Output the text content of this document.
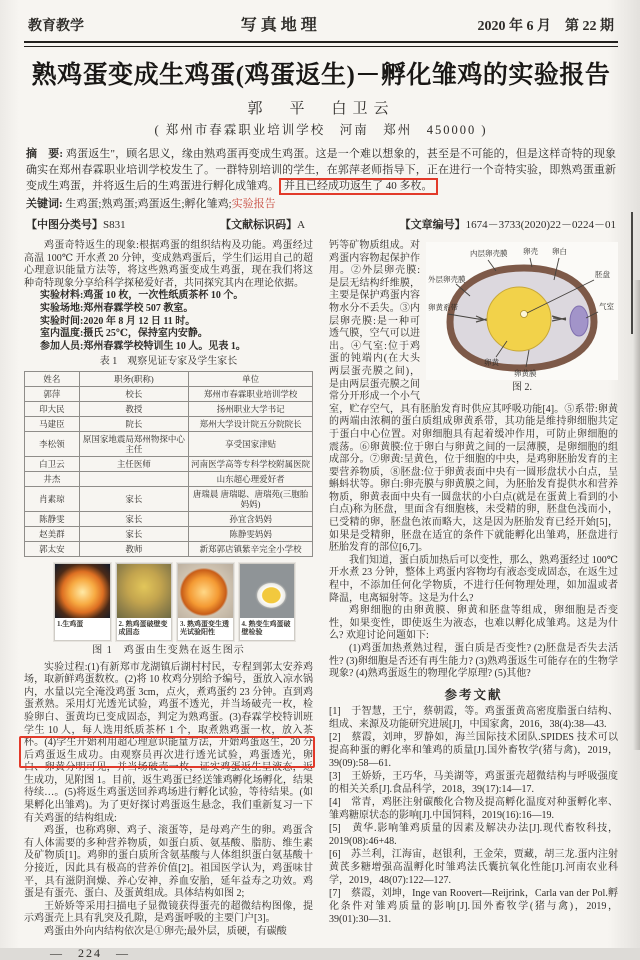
教育教学	写真地理	2020 年 6 月　第 22 期
熟鸡蛋变成生鸡蛋(鸡蛋返生)－孵化雏鸡的实验报告
郭　平　白卫云
( 郑州市春霖职业培训学校　河南　郑州　450000 )
摘　要: 鸡蛋返生"，顾名思义，缘由熟鸡蛋再变成生鸡蛋。这是一个难以想象的，甚至是不可能的，但是这样奇特的现象确实在郑州春霖职业培训学校发生了。一群特别培训的学生，在郭萍老师指导下，正在进行一个奇特实验，即熟鸡蛋重新变成生鸡蛋，并将返生后的生鸡蛋进行孵化成雏鸡。 并且已经成功返生了 40 多枚。
关键词: 生鸡蛋;熟鸡蛋;鸡蛋返生;孵化雏鸡;实验报告
【中图分类号】S831	【文献标识码】A	【文章编号】1674－3733(2020)22－0224－01

鸡蛋奇特返生的现象:根据鸡蛋的组织结构及功能。鸡蛋经过高温 100℃ 开水煮 20 分钟，变成熟鸡蛋后，学生们运用自己的超心理意识能量方法等，将这些熟鸡蛋变成生鸡蛋，现在我们将这种奇特现象分享给科学探秘爱好者，共同探究其内在理论依据。

实验材料:鸡蛋 10 枚，一次性纸质茶杯 10 个。
实验场地:郑州春霖学校 507 教室。
实验时间:2020 年 8 月 12 日 11 时。
室内温度:摄氏 25℃，保持室内安静。
参加人员:郑州春霖学校特训生 10 人。见表 1。
表 1　观察见证专家及学生家长
姓名	职务(职称)	单位
郭萍	校长	郑州市春霖职业培训学校
印大民	教授	扬州职业大学书记
马建臣	院长	郑州大学设计院五分院院长
李松领	原国家地震局郑州物探中心主任	享受国家津贴
白卫云	主任医师	河南医学高等专科学校附属医院
井杰		山东超心理爱好者
肖素琼	家长	唐瑞晨 唐瑞聪、唐瑞苑(三胞胎妈妈)
陈静雯	家长	孙宜含妈妈
赵美群	家长	陈静雯妈妈
郭太安	教师	新郑郭店镇紫辛完全小学校
1.生鸡蛋	2. 熟鸡蛋破壁变成固态
3. 熟鸡蛋变生透光试验阳性
4. 熟变生鸡蛋破壁检验
图 1　鸡蛋由生变熟在返生图示

实验过程:(1)有新郑市龙湖镇后湖村村民，专程到郭太安养鸡场，取新鲜鸡蛋数枚。(2)将 10 枚鸡分别给予编号，蛋放入凉水锅内，水量以完全淹没鸡蛋 3cm，点火，煮鸡蛋约 23 分钟。直到鸡蛋煮熟。采用灯光透光试验，鸡蛋不透光，并当场破壳一枚，检验卵白、蛋黄均已变成固态，判定为熟鸡蛋。(3)春霖学校特训班学生 10 人，每人选用纸质茶杯 1 个，取煮熟鸡蛋一枚，放入茶杯。(4)学生开始利用超心理意识能量方法，开始鸡蛋返生，20 分后鸡蛋返生成功。由观察员再次进行透光试验，鸡蛋透光，卵白、卵黄分明可见，并当场破壳一枚，证实鸡蛋返生呈液态，返生成功，见附图 1。目前，返生鸡蛋已经送雏鸡孵化场孵化，结果待续…。(5)将返生鸡蛋送回养鸡场进行孵化试验，等待结果。(如果孵化出雏鸡)。为了更好探讨鸡蛋返生悬念，我们重新复习一下有关鸡蛋的结构组成:

鸡蛋，也称鸡卵、鸡子、滚蛋等，是母鸡产生的卵。鸡蛋含有人体需要的多种营养物质，如蛋白质、氨基酸、脂肪、维生素及矿物质[1]。鸡卵的蛋白质所含氨基酸与人体组织蛋白氨基酸十分接近，因此具有极高的营养价值[2]。祖国医学认为，鸡蛋味甘平，具有滋阴润燥、养心安神，养血安胎，延年益寿之功效。鸡蛋是有蛋壳、蛋白、及蛋黄组成。具体结构如图 2;

王娇娇等采用扫描电子显微镜获得蛋壳的超微结构图像，提示鸡蛋壳上具有乳突及孔隙，是鸡蛋呼吸的主要门户[3]。

鸡蛋由外向内结构依次是①卵壳;最外层，质硬，有碳酸

—　224　—
外层卵壳膜
内层卵壳膜 卵壳 卵白
胚盘
气室
卵黄系带
卵黄
卵黄膜
图 2.

钙等矿物质组成。对鸡蛋内容物起保护作用。②外层卵壳膜:是层无结构纤维膜，主要是保护鸡蛋内容物水分不丢失。③内层卵壳膜:是一种可透气膜，空气可以进出。④气室:位于鸡蛋的钝端内(在大头两层蛋壳膜之间)，是由两层蛋壳膜之间常分开形成一个小气室，贮存空气，具有胚胎发育时供应其呼吸功能[4]。⑤系带:卵黄的两端由浓稠的蛋白质组成卵黄系带，其功能是维持卵细胞共定于蛋白中心位置。对卵细胞具有起着缓冲作用，可防止卵细胞的震荡。⑥卵黄膜:位于卵白与卵黄之间的一层薄膜，是卵细胞的组成部分。⑦卵黄:呈黄色，位于细胞的中央，是鸡卵胚胎发育的主要营养物质，⑧胚盘:位于卵黄表面中央有一圆形盘状小白点，呈蝌蚪状等。卵白:卵壳膜与卵黄膜之间，为胚胎发育提供水和营养物质，卵黄表面中央有一圆盘状的小白点(就是在蛋黄上看到的小白点)称为胚盘，里面含有细胞核，未受精的卵，胚盘色浅而小，已受精的卵，胚盘色浓而略大，这是因为胚胎发育已经开始[5]，如果是受精卵，胚盘在适宜的条件下就能孵化出雏鸡，胚盘进行胚胎发育的部位[6,7]。

我们知道，蛋白质加热后可以变性，那么，熟鸡蛋经过 100℃ 开水煮 23 分钟，整体上鸡蛋内容物均有液态变成固态，在返生过程中，不添加任何化学物质，不进行任何物理处理，如加温或者降温，电离辐射等。这是为什么?

鸡卵细胞的由卵黄膜、卵黄和胚盘等组成，卵细胞是否变性，如果变性，即使返生为液态，也难以孵化成雏鸡。这是为什么? 欢迎讨论问题如下:

(1)鸡蛋加热煮熟过程，蛋白质是否变性? (2)胚盘是否失去活性? (3)卵细胞是否还有再生能力? (3)熟鸡蛋返生可能存在的生物学现象? (4)熟鸡蛋返生的物理化学原理? (5)其他?

参考文献

[1]　于智慧，王宁，蔡朝霞，等。鸡蛋蛋黄高密度脂蛋白结构、组成、来源及功能研究进展[J]，中国家禽，2016，38(4):38—43.

[2]　蔡霞，刘珅，罗静如，海兰国际技术团队.SPIDES 技术可以提高种蛋的孵化率和雏鸡的质量[J].国外畜牧学(猪与禽)，2019，39(09):58—61.

[3]　王娇娇，王巧华，马美湖等，鸡蛋蛋壳超微结构与呼吸强度的相关关系[J].食品科学，2018，39(17):14—17.

[4]　常青，鸡胚注射碳酸化合物及提高孵化温度对种蛋孵化率、雏鸡糖原状态的影响[J].中国饲料，2019(16):16—19.

[5]　黄华.影响雏鸡质量的因素及解决办法[J].现代畜牧科技，2019(08):46+48.

[6]　苏兰利，江海宙，赵银利，王金荣，贾藏，胡三龙.蛋内注射黄芪多糖增强高温孵化时雏鸡法氏囊抗氧化性能[J].河南农业科学，2019，48(07):122—127.

[7]　蔡霞，刘坤，Inge van Roovert—Reijrink，Carla van der Pol.孵化条件对雏鸡质量的影响[J].国外畜牧学(猪与禽)，2019，39(01):30—31.
